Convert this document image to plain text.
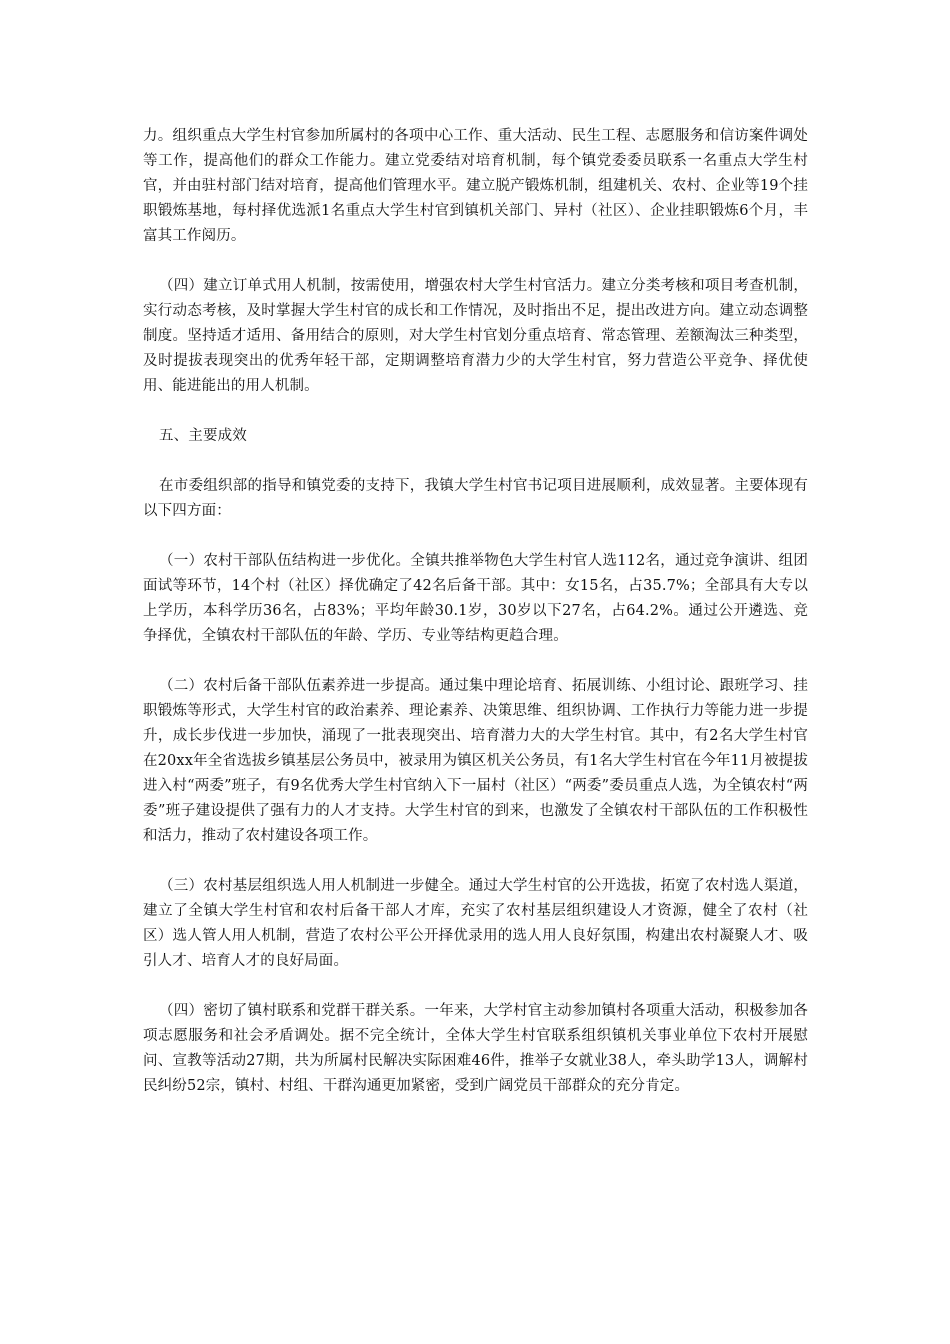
力。组织重点大学生村官参加所属村的各项中心工作、重大活动、民生工程、志愿服务和信访案件调处等工作，提高他们的群众工作能力。建立党委结对培育机制，每个镇党委委员联系一名重点大学生村官，并由驻村部门结对培育，提高他们管理水平。建立脱产锻炼机制，组建机关、农村、企业等19个挂职锻炼基地，每村择优选派1名重点大学生村官到镇机关部门、异村（社区）、企业挂职锻炼6个月，丰富其工作阅历。

（四）建立订单式用人机制，按需使用，增强农村大学生村官活力。建立分类考核和项目考查机制，实行动态考核，及时掌握大学生村官的成长和工作情况，及时指出不足，提出改进方向。建立动态调整制度。坚持适才适用、备用结合的原则，对大学生村官划分重点培育、常态管理、差额淘汰三种类型，及时提拔表现突出的优秀年轻干部，定期调整培育潜力少的大学生村官，努力营造公平竞争、择优使用、能进能出的用人机制。

五、主要成效

在市委组织部的指导和镇党委的支持下，我镇大学生村官书记项目进展顺利，成效显著。主要体现有以下四方面：

（一）农村干部队伍结构进一步优化。全镇共推举物色大学生村官人选112名，通过竞争演讲、组团面试等环节，14个村（社区）择优确定了42名后备干部。其中：女15名，占35.7%；全部具有大专以上学历，本科学历36名，占83%；平均年龄30.1岁，30岁以下27名，占64.2%。通过公开遴选、竞争择优，全镇农村干部队伍的年龄、学历、专业等结构更趋合理。

（二）农村后备干部队伍素养进一步提高。通过集中理论培育、拓展训练、小组讨论、跟班学习、挂职锻炼等形式，大学生村官的政治素养、理论素养、决策思维、组织协调、工作执行力等能力进一步提升，成长步伐进一步加快，涌现了一批表现突出、培育潜力大的大学生村官。其中，有2名大学生村官在20xx年全省选拔乡镇基层公务员中，被录用为镇区机关公务员，有1名大学生村官在今年11月被提拔进入村“两委”班子，有9名优秀大学生村官纳入下一届村（社区）“两委”委员重点人选，为全镇农村“两委”班子建设提供了强有力的人才支持。大学生村官的到来，也激发了全镇农村干部队伍的工作积极性和活力，推动了农村建设各项工作。

（三）农村基层组织选人用人机制进一步健全。通过大学生村官的公开选拔，拓宽了农村选人渠道，建立了全镇大学生村官和农村后备干部人才库，充实了农村基层组织建设人才资源，健全了农村（社区）选人管人用人机制，营造了农村公平公开择优录用的选人用人良好氛围，构建出农村凝聚人才、吸引人才、培育人才的良好局面。

（四）密切了镇村联系和党群干群关系。一年来，大学村官主动参加镇村各项重大活动，积极参加各项志愿服务和社会矛盾调处。据不完全统计，全体大学生村官联系组织镇机关事业单位下农村开展慰问、宣教等活动27期，共为所属村民解决实际困难46件，推举子女就业38人，牵头助学13人，调解村民纠纷52宗，镇村、村组、干群沟通更加紧密，受到广阔党员干部群众的充分肯定。
